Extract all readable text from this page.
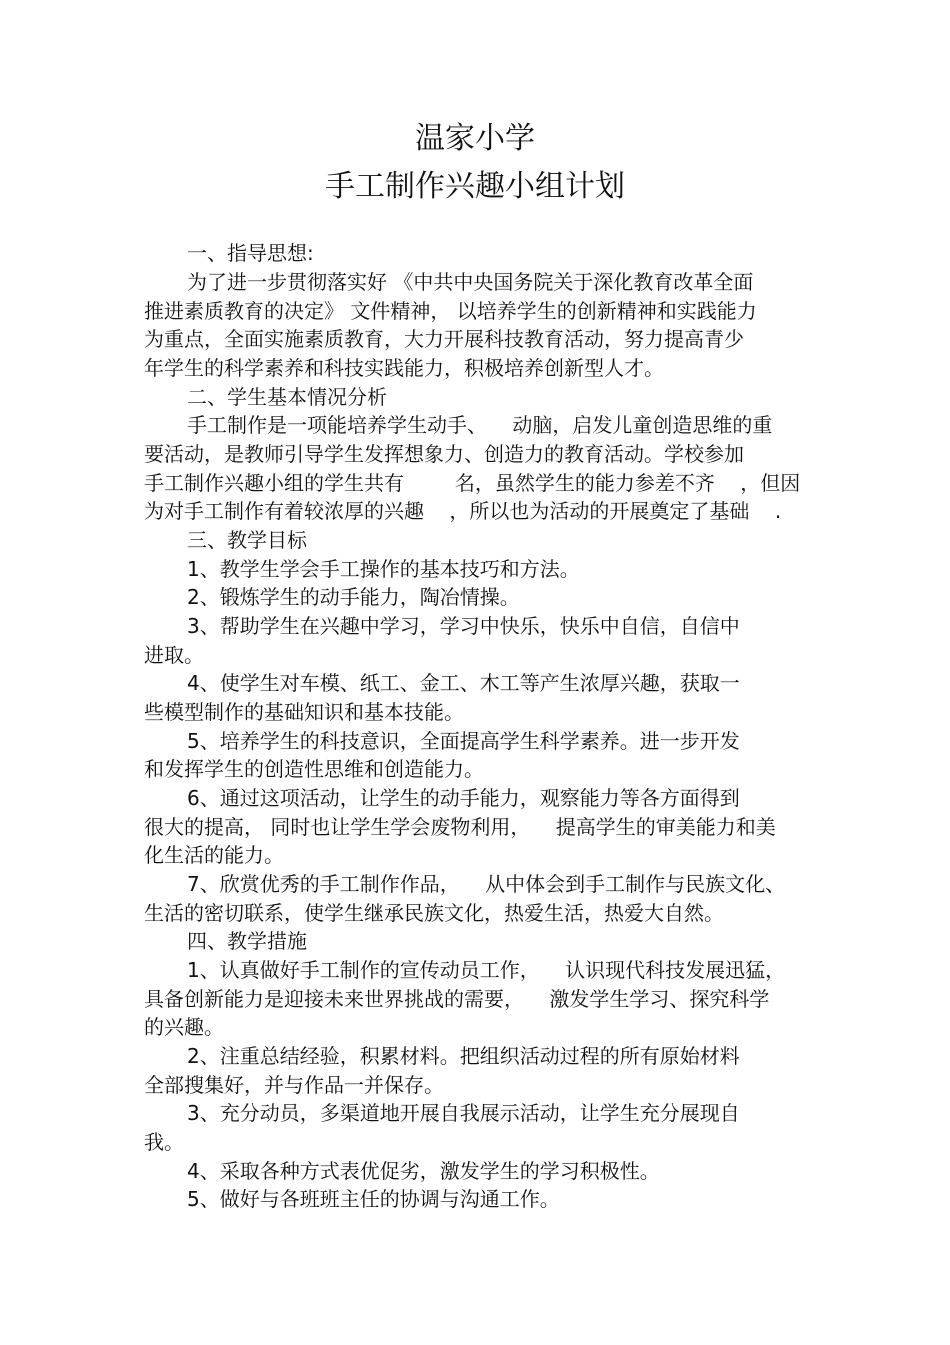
温家小学
手工制作兴趣小组计划
一、指导思想:
为了进一步贯彻落实好 《中共中央国务院关于深化教育改革全面
推进素质教育的决定》 文件精神， 以培养学生的创新精神和实践能力
为重点，全面实施素质教育，大力开展科技教育活动，努力提高青少
年学生的科学素养和科技实践能力，积极培养创新型人才。
二、学生基本情况分析
手工制作是一项能培养学生动手、    动脑，启发儿童创造思维的重
要活动，是教师引导学生发挥想象力、创造力的教育活动。学校参加
手工制作兴趣小组的学生共有        名，虽然学生的能力参差不齐    ，但因
为对手工制作有着较浓厚的兴趣    ，所以也为活动的开展奠定了基础    .
三、教学目标
1、教学生学会手工操作的基本技巧和方法。
2、锻炼学生的动手能力，陶冶情操。
3、帮助学生在兴趣中学习，学习中快乐，快乐中自信，自信中
进取。
4、使学生对车模、纸工、金工、木工等产生浓厚兴趣，获取一
些模型制作的基础知识和基本技能。
5、培养学生的科技意识，全面提高学生科学素养。进一步开发
和发挥学生的创造性思维和创造能力。
6、通过这项活动，让学生的动手能力，观察能力等各方面得到
很大的提高， 同时也让学生学会废物利用，    提高学生的审美能力和美
化生活的能力。
7、欣赏优秀的手工制作作品，    从中体会到手工制作与民族文化、
生活的密切联系，使学生继承民族文化，热爱生活，热爱大自然。
四、教学措施
1、认真做好手工制作的宣传动员工作，    认识现代科技发展迅猛，
具备创新能力是迎接未来世界挑战的需要，    激发学生学习、探究科学
的兴趣。
2、注重总结经验，积累材料。把组织活动过程的所有原始材料
全部搜集好，并与作品一并保存。
3、充分动员，多渠道地开展自我展示活动，让学生充分展现自
我。
4、采取各种方式表优促劣，激发学生的学习积极性。
5、做好与各班班主任的协调与沟通工作。
